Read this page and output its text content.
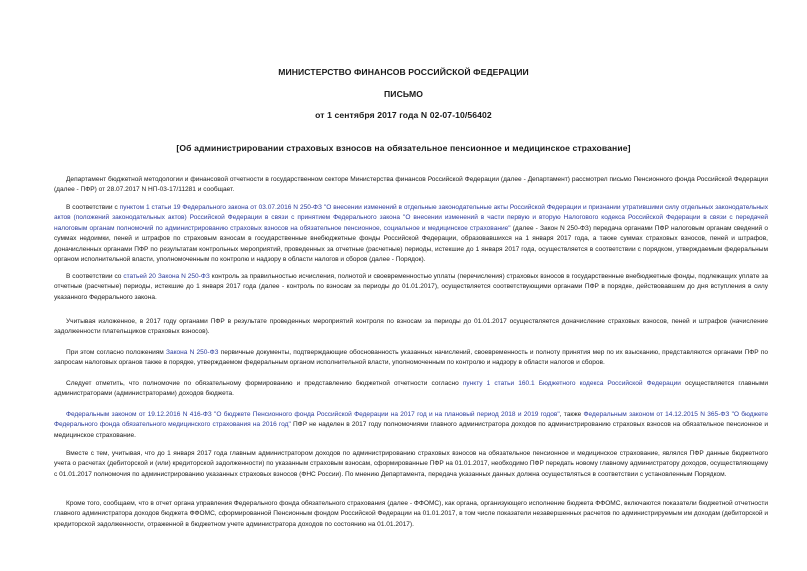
МИНИСТЕРСТВО ФИНАНСОВ РОССИЙСКОЙ ФЕДЕРАЦИИ

ПИСЬМО

от 1 сентября 2017 года N 02-07-10/56402

[Об администрировании страховых взносов на обязательное пенсионное и медицинское страхование]

Департамент бюджетной методологии и финансовой отчетности в государственном секторе Министерства финансов Российской Федерации (далее - Департамент) рассмотрел письмо Пенсионного фонда Российской Федерации (далее - ПФР) от 28.07.2017 N НП-03-17/11281 и сообщает.

В соответствии с пунктом 1 статьи 19 Федерального закона от 03.07.2016 N 250-ФЗ "О внесении изменений в отдельные законодательные акты Российской Федерации и признании утратившими силу отдельных законодательных актов (положений законодательных актов) Российской Федерации в связи с принятием Федерального закона "О внесении изменений в части первую и вторую Налогового кодекса Российской Федерации в связи с передачей налоговым органам полномочий по администрированию страховых взносов на обязательное пенсионное, социальное и медицинское страхование" (далее - Закон N 250-ФЗ) передача органами ПФР налоговым органам сведений о суммах недоимки, пеней и штрафов по страховым взносам в государственные внебюджетные фонды Российской Федерации, образовавшихся на 1 января 2017 года, а также суммах страховых взносов, пеней и штрафов, доначисленных органами ПФР по результатам контрольных мероприятий, проведенных за отчетные (расчетные) периоды, истекшие до 1 января 2017 года, осуществляется в соответствии с порядком, утверждаемым федеральным органом исполнительной власти, уполномоченным по контролю и надзору в области налогов и сборов (далее - Порядок).

В соответствии со статьей 20 Закона N 250-ФЗ контроль за правильностью исчисления, полнотой и своевременностью уплаты (перечисления) страховых взносов в государственные внебюджетные фонды, подлежащих уплате за отчетные (расчетные) периоды, истекшие до 1 января 2017 года (далее - контроль по взносам за периоды до 01.01.2017), осуществляется соответствующими органами ПФР в порядке, действовавшем до дня вступления в силу указанного Федерального закона.

Учитывая изложенное, в 2017 году органами ПФР в результате проведенных мероприятий контроля по взносам за периоды до 01.01.2017 осуществляется доначисление страховых взносов, пеней и штрафов (начисление задолженности плательщиков страховых взносов).

При этом согласно положениям Закона N 250-ФЗ первичные документы, подтверждающие обоснованность указанных начислений, своевременность и полноту принятия мер по их взысканию, представляются органами ПФР по запросам налоговых органов также в порядке, утверждаемом федеральным органом исполнительной власти, уполномоченным по контролю и надзору в области налогов и сборов.

Следует отметить, что полномочие по обязательному формированию и представлению бюджетной отчетности согласно пункту 1 статьи 160.1 Бюджетного кодекса Российской Федерации осуществляется главными администраторами (администраторами) доходов бюджета.

Федеральным законом от 19.12.2016 N 416-ФЗ "О бюджете Пенсионного фонда Российской Федерации на 2017 год и на плановый период 2018 и 2019 годов", также Федеральным законом от 14.12.2015 N 365-ФЗ "О бюджете Федерального фонда обязательного медицинского страхования на 2016 год" ПФР не наделен в 2017 году полномочиями главного администратора доходов по администрированию страховых взносов на обязательное пенсионное и медицинское страхование.

Вместе с тем, учитывая, что до 1 января 2017 года главным администратором доходов по администрированию страховых взносов на обязательное пенсионное и медицинское страхование, являлся ПФР данные бюджетного учета о расчетах (дебиторской и (или) кредиторской задолженности) по указанным страховым взносам, сформированные ПФР на 01.01.2017, необходимо ПФР передать новому главному администратору доходов, осуществляющему с 01.01.2017 полномочия по администрированию указанных страховых взносов (ФНС России). По мнению Департамента, передача указанных данных должна осуществляться в соответствии с установленным Порядком.

Кроме того, сообщаем, что в отчет органа управления Федерального фонда обязательного страхования (далее - ФФОМС), как органа, организующего исполнение бюджета ФФОМС, включаются показатели бюджетной отчетности главного администратора доходов бюджета ФФОМС, сформированной Пенсионным фондом Российской Федерации на 01.01.2017, в том числе показатели незавершенных расчетов по администрируемым им доходам (дебиторской и кредиторской задолженности, отраженной в бюджетном учете администратора доходов по состоянию на 01.01.2017).
